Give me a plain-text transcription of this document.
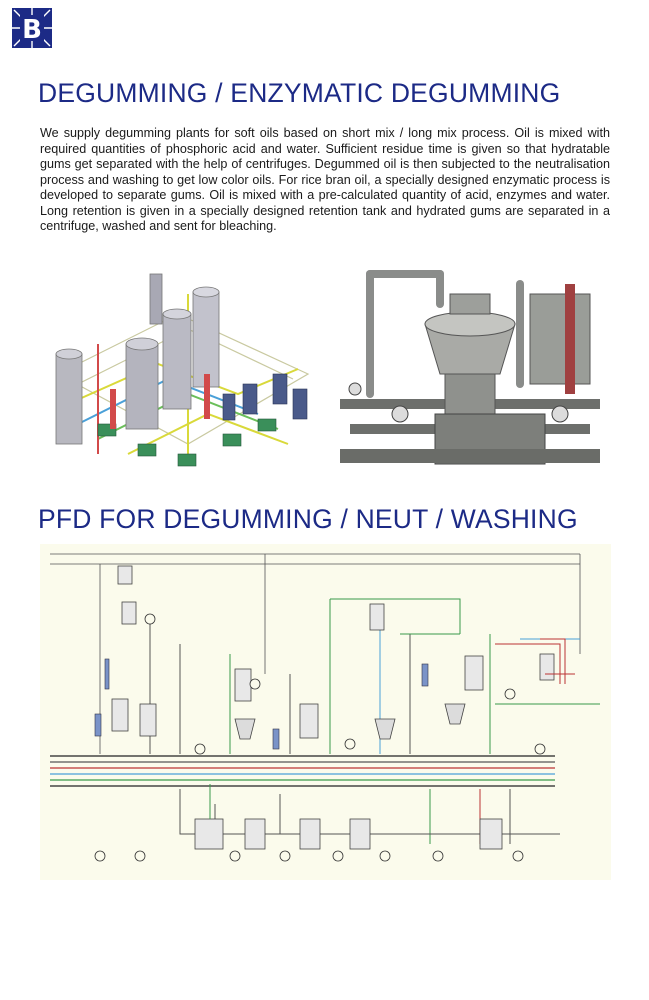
B
DEGUMMING / ENZYMATIC DEGUMMING
We supply degumming plants for soft oils based on short mix / long mix process. Oil is mixed with required quantities of phosphoric acid and water. Sufficient residue time is given so that hydratable gums get separated with the help of centrifuges. Degummed oil is then subjected to the neutralisation process and washing to get low color oils. For rice bran oil, a specially designed enzymatic process is developed to separate gums. Oil is mixed with a pre-calculated quantity of acid, enzymes and water. Long retention is given in a specially designed retention tank and hydrated gums are separated in a centrifuge, washed and sent for bleaching.
PFD FOR DEGUMMING / NEUT / WASHING
